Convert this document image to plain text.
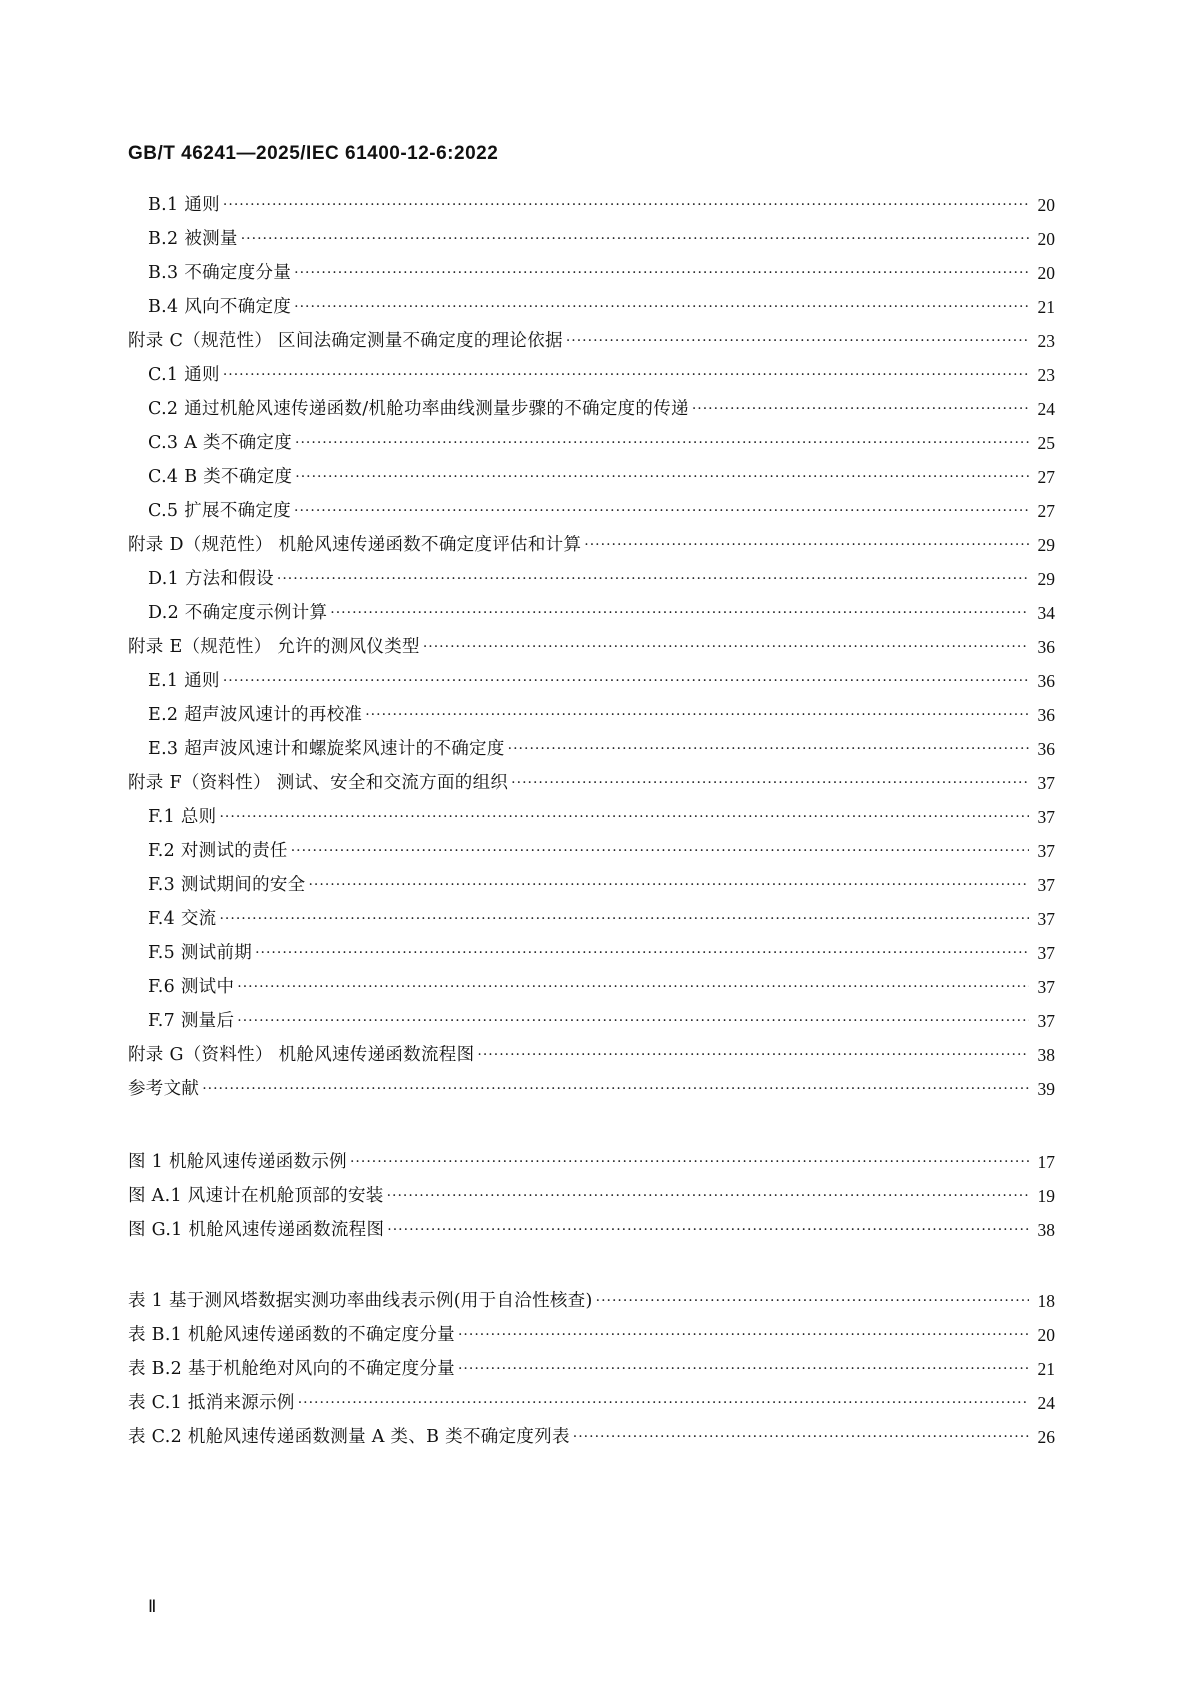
GB/T 46241—2025/IEC 61400-12-6:2022
B.1 通则 ·····	20
B.2 被测量 ·····	20
B.3 不确定度分量 ·····	20
B.4 风向不确定度 ·····	21
附录 C（规范性） 区间法确定测量不确定度的理论依据 ·····	23
C.1 通则 ·····	23
C.2 通过机舱风速传递函数/机舱功率曲线测量步骤的不确定度的传递 ·····	24
C.3 A 类不确定度 ·····	25
C.4 B 类不确定度 ·····	27
C.5 扩展不确定度 ·····	27
附录 D（规范性） 机舱风速传递函数不确定度评估和计算 ·····	29
D.1 方法和假设 ·····	29
D.2 不确定度示例计算 ·····	34
附录 E（规范性） 允许的测风仪类型 ·····	36
E.1 通则 ·····	36
E.2 超声波风速计的再校准 ·····	36
E.3 超声波风速计和螺旋桨风速计的不确定度 ·····	36
附录 F（资料性） 测试、安全和交流方面的组织 ·····	37
F.1 总则 ·····	37
F.2 对测试的责任 ·····	37
F.3 测试期间的安全 ·····	37
F.4 交流 ·····	37
F.5 测试前期 ·····	37
F.6 测试中 ·····	37
F.7 测量后 ·····	37
附录 G（资料性） 机舱风速传递函数流程图 ·····	38
参考文献 ·····	39
图 1 机舱风速传递函数示例 ·····	17
图 A.1 风速计在机舱顶部的安装 ·····	19
图 G.1 机舱风速传递函数流程图 ·····	38
表 1 基于测风塔数据实测功率曲线表示例(用于自洽性核查) ·····	18
表 B.1 机舱风速传递函数的不确定度分量 ·····	20
表 B.2 基于机舱绝对风向的不确定度分量 ·····	21
表 C.1 抵消来源示例 ·····	24
表 C.2 机舱风速传递函数测量 A 类、B 类不确定度列表 ·····	26
Ⅱ
